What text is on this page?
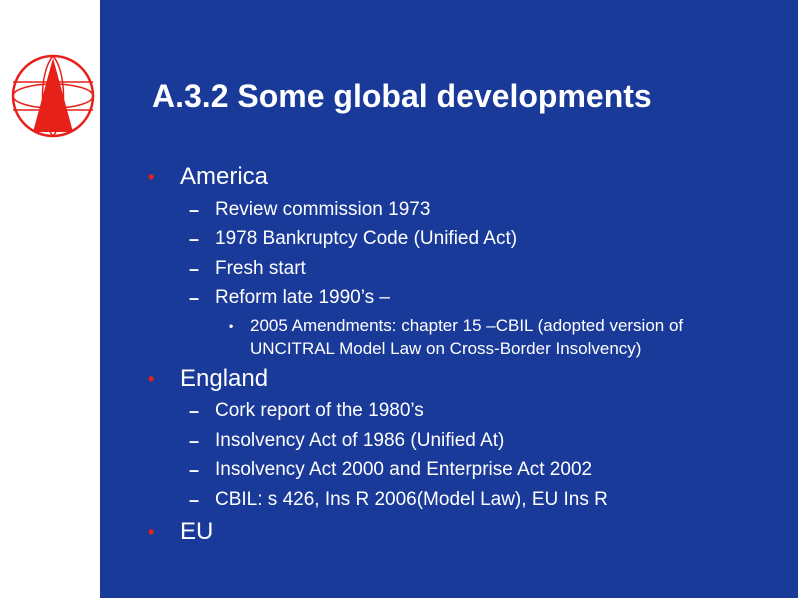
A.3.2 Some global developments
• America
– Review commission 1973
– 1978 Bankruptcy Code (Unified Act)
– Fresh start
– Reform late 1990’s –
• 2005 Amendments: chapter 15 –CBIL (adopted version of
UNCITRAL Model Law on Cross-Border Insolvency)
• England
– Cork report of the 1980’s
– Insolvency Act of 1986 (Unified At)
– Insolvency Act 2000 and Enterprise Act 2002
– CBIL: s 426, Ins R 2006(Model Law), EU Ins R
• EU
